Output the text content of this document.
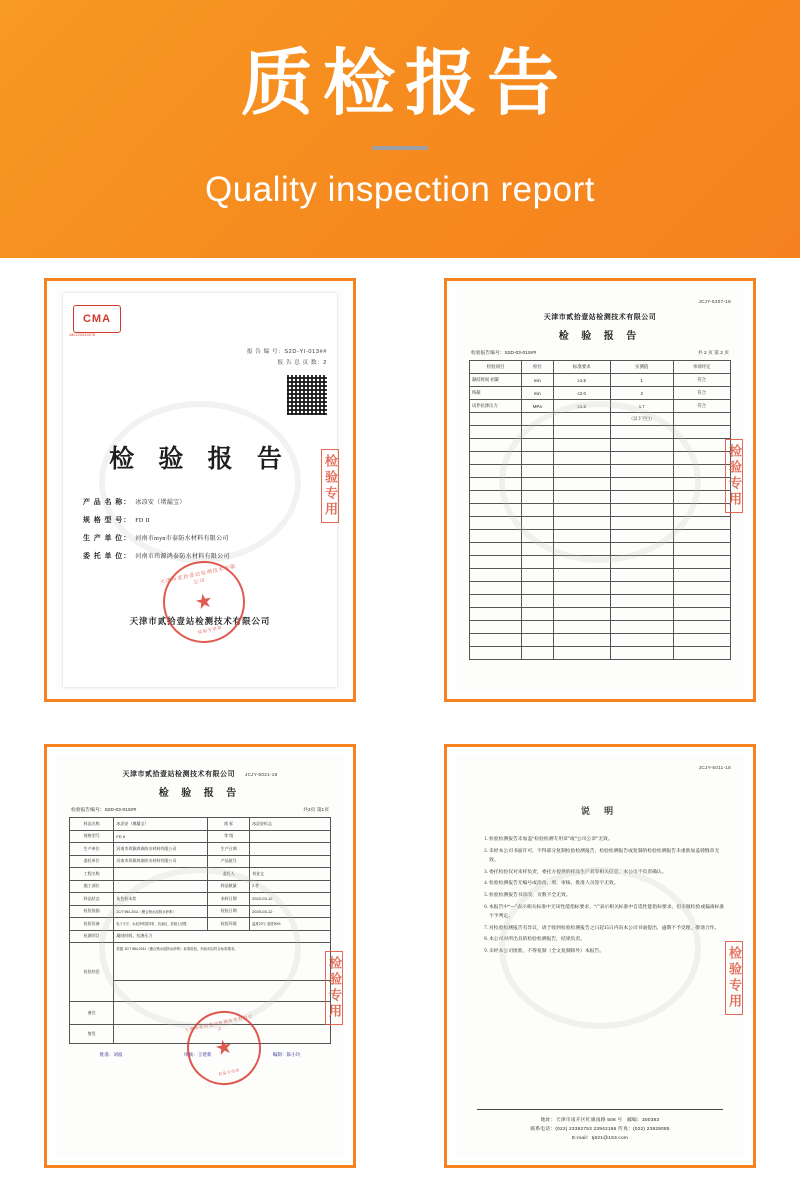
质检报告
Quality inspection report
CMA
180220040078
报 告 编 号：S2D-YI-013##
报 告 总 页 数：2
检 验 报 告
产 品 名 称： 冰凉安（堵漏宝）
规 格 型 号： FD II
生 产 单 位： 河南市myn市泰防水材料有限公司
委 托 单 位： 河南市玮源鸿泰防水材料有限公司
天津市贰拾壹站检测技术有限公司
天津市贰拾壹站检测技术有限公司
★
检验专用章
检验专用
JCJY-6307-18
天津市贰拾壹站检测技术有限公司
检 验 报 告
检验报告编号：S2D-03-01S##	共 2 页 第 2 页
检验项目	检位	标准要求	实测值	单项评定
凝结时间 初凝	min	≥1.5	1	符合
终凝	min	≤2.0	2	符合
试件抗渗压力	MPa	≥1.5	1.7	符合
			（以下空白）	

检验专用
天津市贰拾壹站检测技术有限公司 JCJY-6021-18
检 验 报 告
检验报告编号：S2D-03-01S##	共2页 第1页
样品名称	冰凉安（堵漏宝）	商 标	冰凉安标志
规格型号	FD II	等 级	
生产单位	河南市玮源鸿泰防水材料有限公司	生产日期	
委托单位	河南市玮源鸿泰防水材料有限公司	产品批号	
工程名称		委托人	刘金文
施工部位		样品数量	2 件
样品状态	灰色粉末状	来样日期	2020-03-12
检验依据	JC/T 984-2011《聚合物水泥防水砂浆》	检验日期	2020-03-12
检验设备	电子天平、水泥净浆搅拌机、抗渗仪、混凝土试模	检验环境	温度23℃ 湿度50%
检测项目	凝结时间、抗渗压力		
检验结论	依据 JC/T 984-2011《聚合物水泥防水砂浆》标准检验，所检项目符合标准要求。		

备注			
签发			
批准：刘波	审核：王建新	编制：陈小玲
天津市贰拾壹站检测技术有限公司
★
检验专用章
检验专用
JCJY-6011-18
说 明
1. 检验检测报告未加盖“检验检测专用章”或“公司公章”无效。
2. 未经本公司书面许可，不得部分复制检验检测报告，检验检测报告或复制的检验检测报告未重新加盖骑缝章无效。
3. 委托检验仅对来样负责，委托方提供的样品生产者等相关信息，本公司不负责确认。
4. 检验检测报告无编号或涂改、增、审核、批准人员签字无效。
5. 检验检测报告书涂改、页数不全无效。
6. 本报告中“---”表示相关标准中无该性能指标要求，“/”表示相关标准中自选性能指标要求，但未做检验或偏离标准不予判定。
7. 对检验检测报告有异议，请于收到检验检测报告之日起15日内向本公司书面提出，逾期不予受理，敬请合作。
8. 本公司对所出具的检验检测报告，结果负责。
9. 未经本公司批准，不得复制（全文复制除外）本报告。
地址：天津市南开区红旗南路 508 号 邮编：300383
联系电话：(022) 23382753 23942166 传真：(022) 23929085
E-mail：tj621@163.com
检验专用
